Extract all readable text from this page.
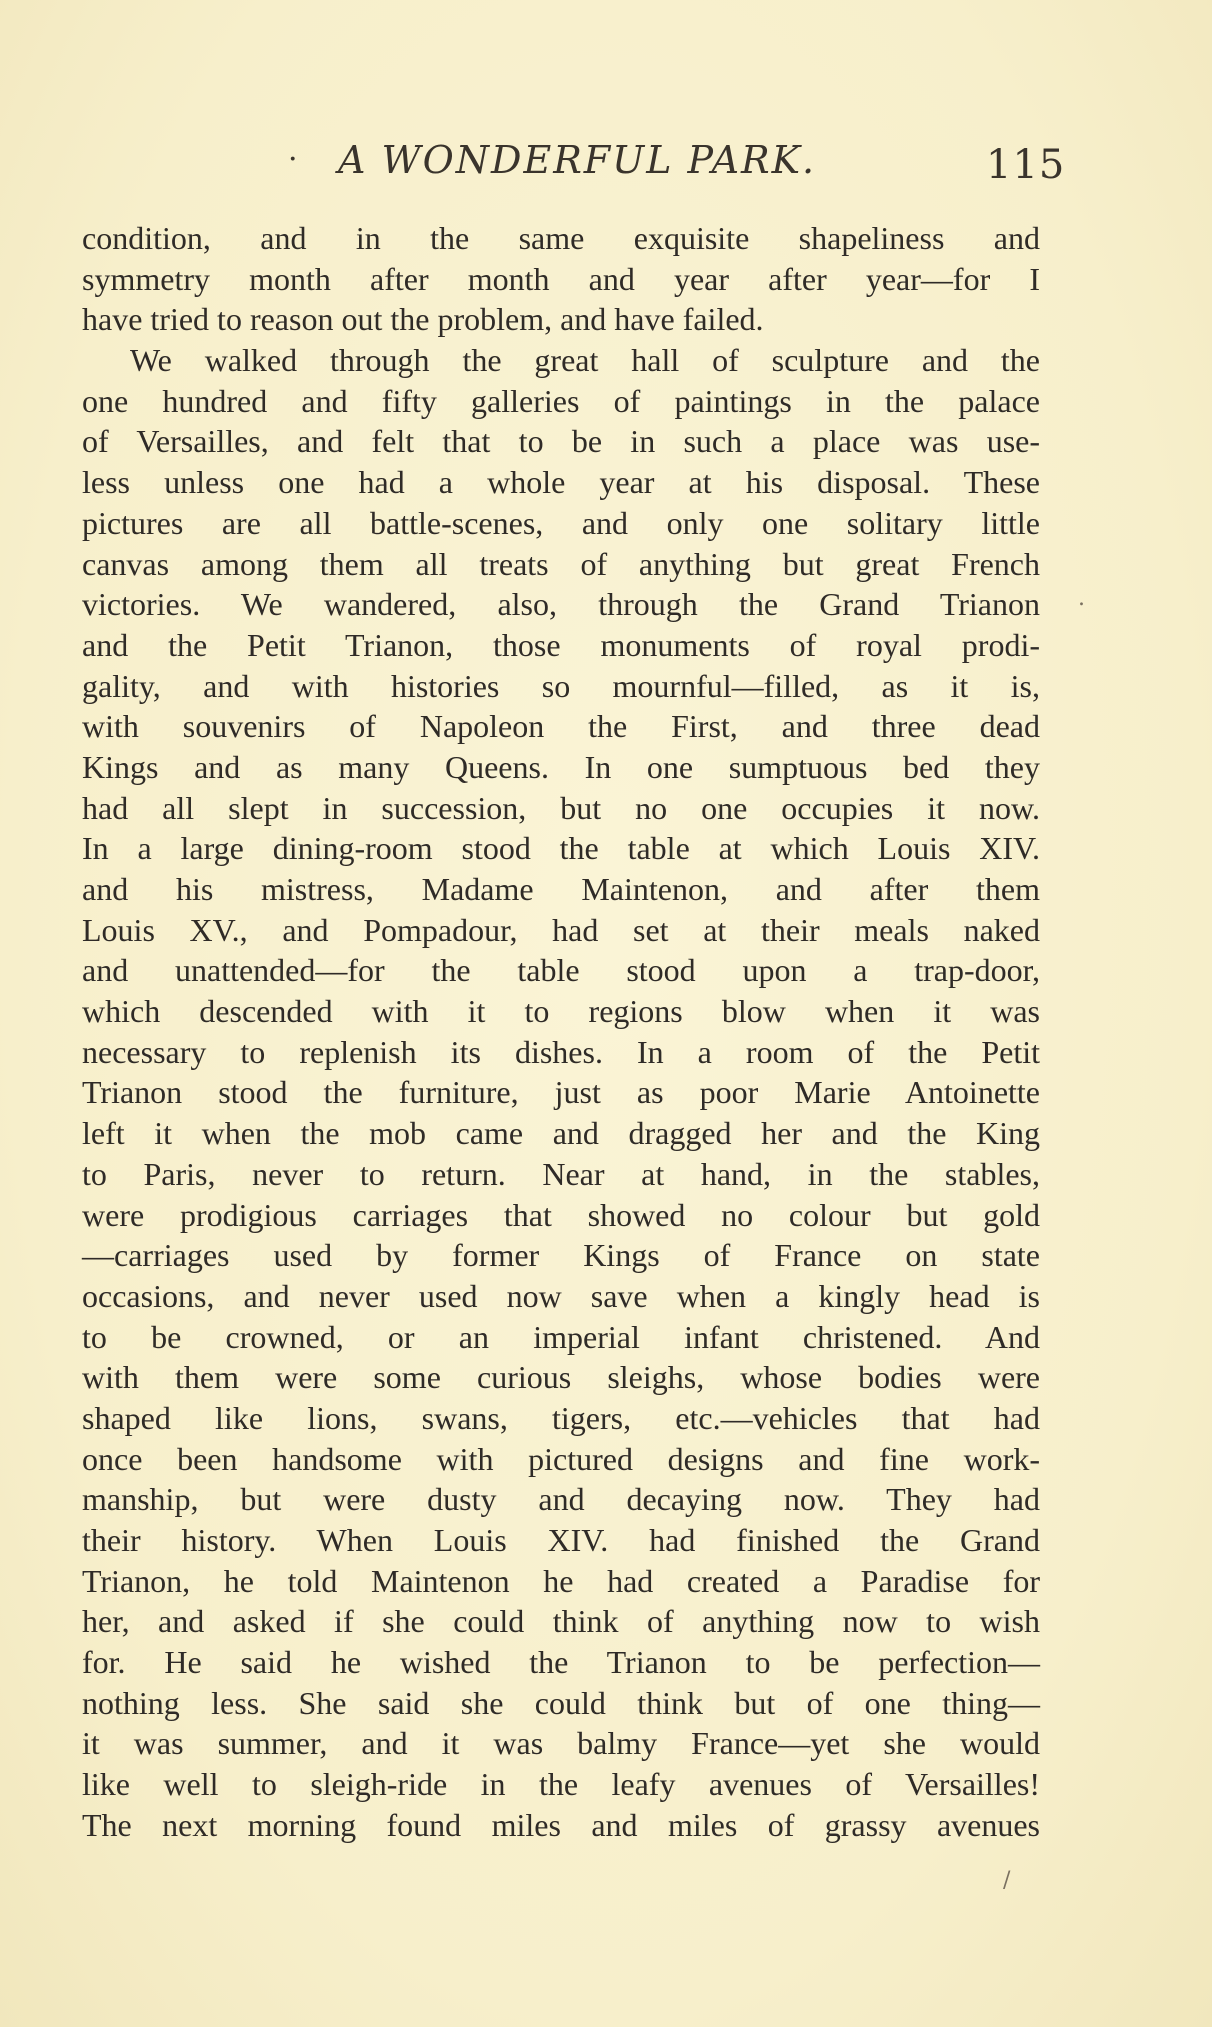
· A WONDERFUL PARK.	115
condition, and in the same exquisite shapeliness and
symmetry month after month and year after year—for I
have tried to reason out the problem, and have failed.
We walked through the great hall of sculpture and the
one hundred and fifty galleries of paintings in the palace
of Versailles, and felt that to be in such a place was use-
less unless one had a whole year at his disposal. These
pictures are all battle-scenes, and only one solitary little
canvas among them all treats of anything but great French
victories. We wandered, also, through the Grand Trianon
and the Petit Trianon, those monuments of royal prodi-
gality, and with histories so mournful—filled, as it is,
with souvenirs of Napoleon the First, and three dead
Kings and as many Queens. In one sumptuous bed they
had all slept in succession, but no one occupies it now.
In a large dining-room stood the table at which Louis XIV.
and his mistress, Madame Maintenon, and after them
Louis XV., and Pompadour, had set at their meals naked
and unattended—for the table stood upon a trap-door,
which descended with it to regions blow when it was
necessary to replenish its dishes. In a room of the Petit
Trianon stood the furniture, just as poor Marie Antoinette
left it when the mob came and dragged her and the King
to Paris, never to return. Near at hand, in the stables,
were prodigious carriages that showed no colour but gold
—carriages used by former Kings of France on state
occasions, and never used now save when a kingly head is
to be crowned, or an imperial infant christened. And
with them were some curious sleighs, whose bodies were
shaped like lions, swans, tigers, etc.—vehicles that had
once been handsome with pictured designs and fine work-
manship, but were dusty and decaying now. They had
their history. When Louis XIV. had finished the Grand
Trianon, he told Maintenon he had created a Paradise for
her, and asked if she could think of anything now to wish
for. He said he wished the Trianon to be perfection—
nothing less. She said she could think but of one thing—
it was summer, and it was balmy France—yet she would
like well to sleigh-ride in the leafy avenues of Versailles!
The next morning found miles and miles of grassy avenues
.
/
